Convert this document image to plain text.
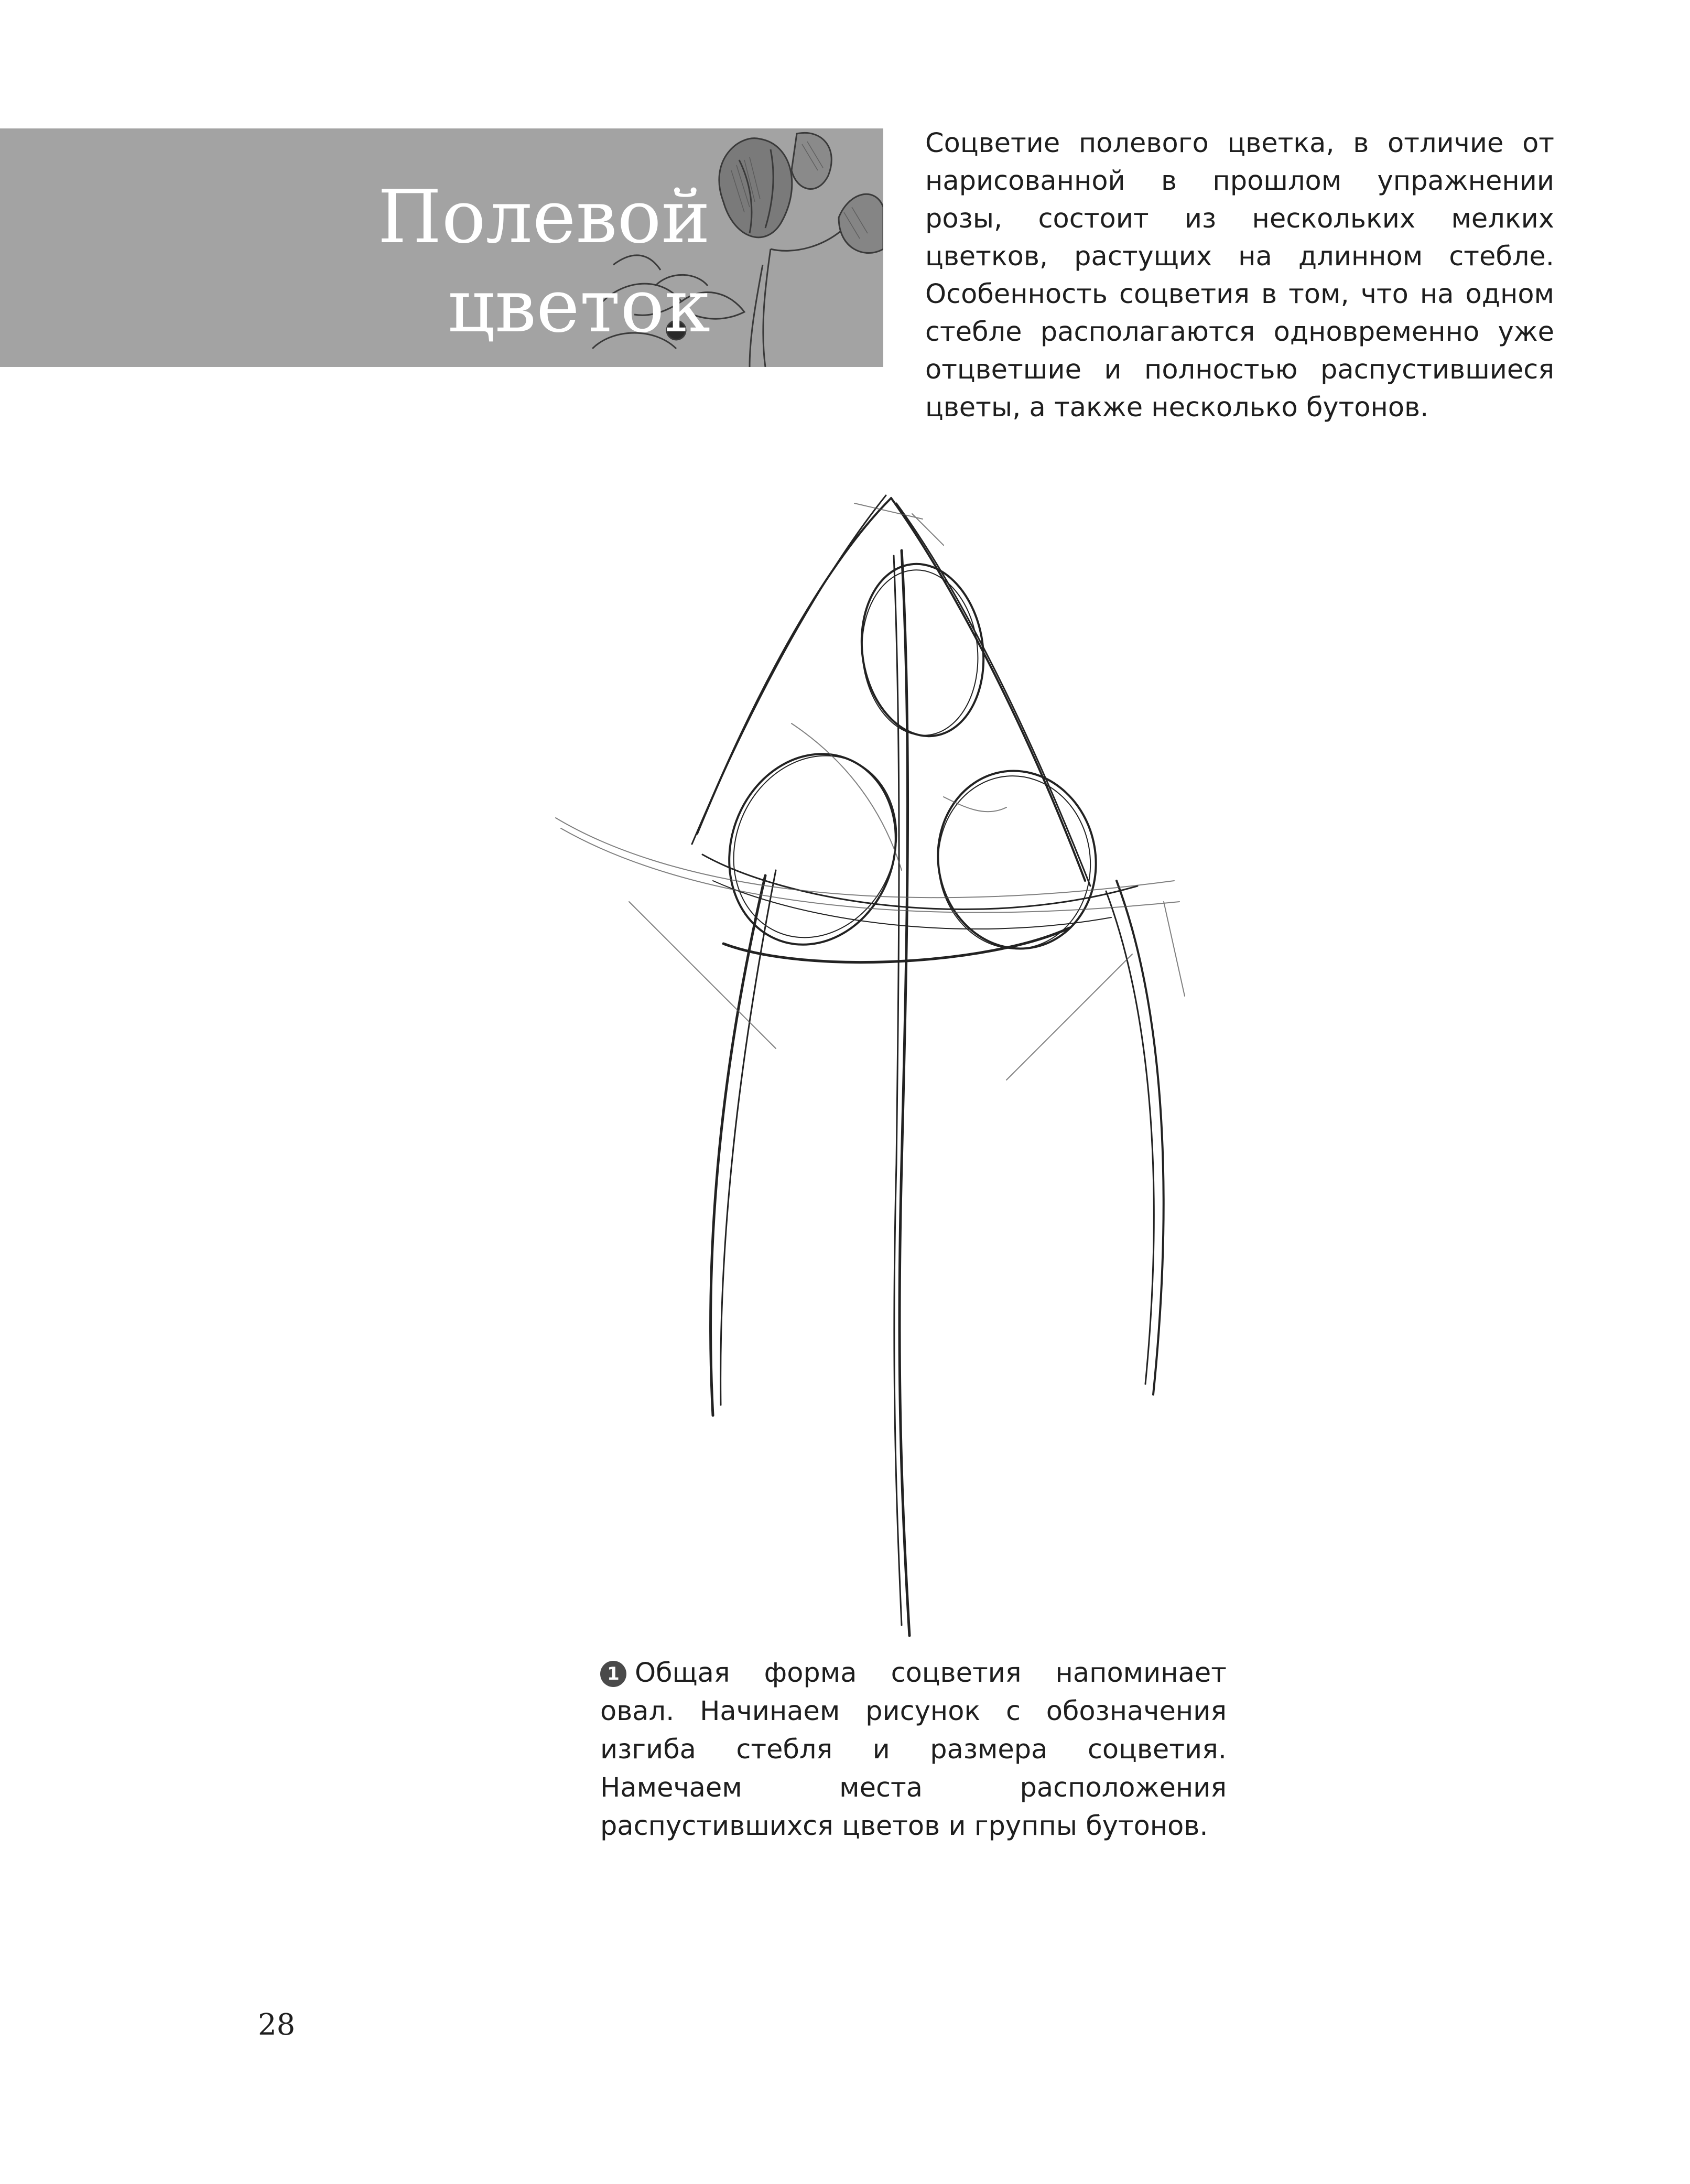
Полевой
цветок

Соцветие полевого цветка, в отличие от нарисованной в прошлом упражнении розы, состоит из нескольких мелких цветков, растущих на длинном стебле. Особенность соцветия в том, что на одном стебле располагаются одновременно уже отцветшие и полностью распустившиеся цветы, а также несколько бутонов.

1 Общая форма соцветия напоминает овал. Начинаем рисунок с обозначения изгиба стебля и размера соцветия. Намечаем места расположения распустившихся цветов и группы бутонов.

28
